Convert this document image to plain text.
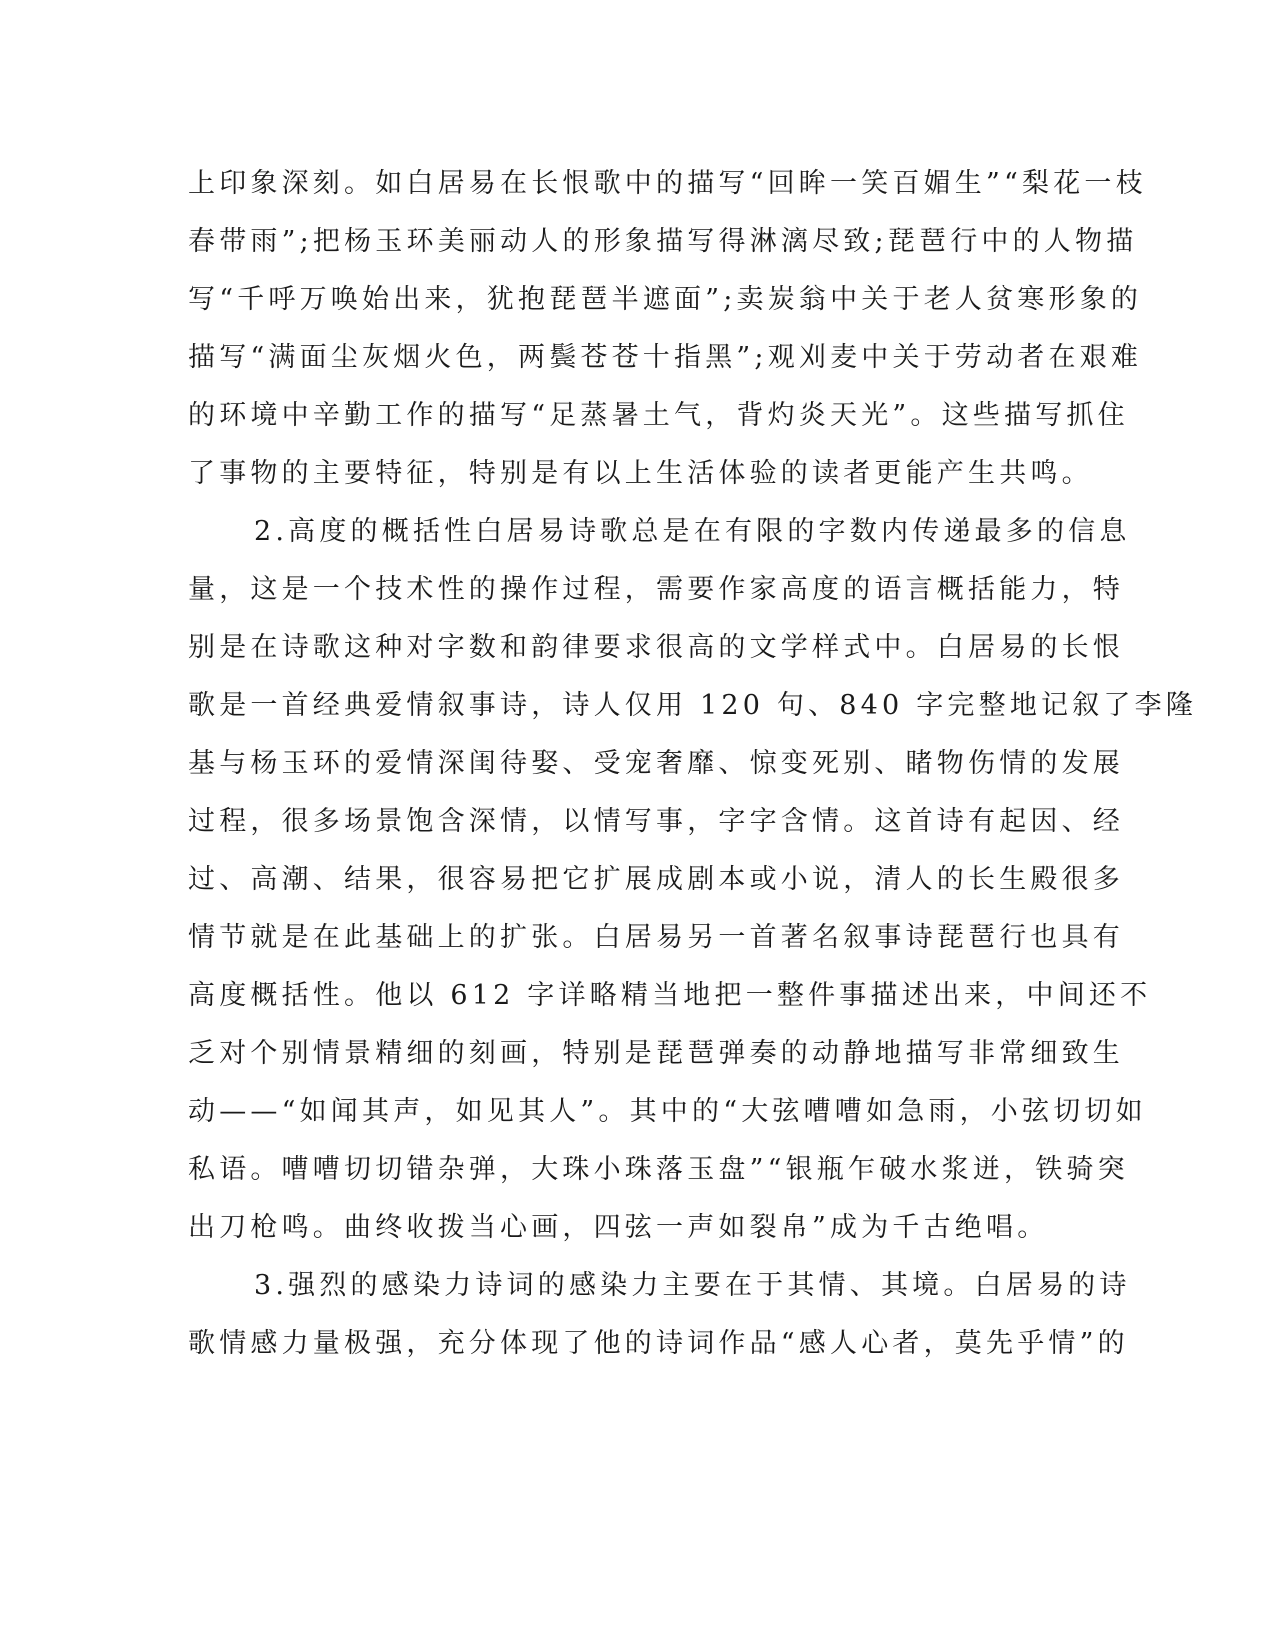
上印象深刻。如白居易在长恨歌中的描写“回眸一笑百媚生”“梨花一枝
春带雨”;把杨玉环美丽动人的形象描写得淋漓尽致;琵琶行中的人物描
写“千呼万唤始出来，犹抱琵琶半遮面”;卖炭翁中关于老人贫寒形象的
描写“满面尘灰烟火色，两鬓苍苍十指黑”;观刈麦中关于劳动者在艰难
的环境中辛勤工作的描写“足蒸暑土气，背灼炎天光”。这些描写抓住
了事物的主要特征，特别是有以上生活体验的读者更能产生共鸣。
2.高度的概括性白居易诗歌总是在有限的字数内传递最多的信息
量，这是一个技术性的操作过程，需要作家高度的语言概括能力，特
别是在诗歌这种对字数和韵律要求很高的文学样式中。白居易的长恨
歌是一首经典爱情叙事诗，诗人仅用 120 句、840 字完整地记叙了李隆
基与杨玉环的爱情深闺待娶、受宠奢靡、惊变死别、睹物伤情的发展
过程，很多场景饱含深情，以情写事，字字含情。这首诗有起因、经
过、高潮、结果，很容易把它扩展成剧本或小说，清人的长生殿很多
情节就是在此基础上的扩张。白居易另一首著名叙事诗琵琶行也具有
高度概括性。他以 612 字详略精当地把一整件事描述出来，中间还不
乏对个别情景精细的刻画，特别是琵琶弹奏的动静地描写非常细致生
动——“如闻其声，如见其人”。其中的“大弦嘈嘈如急雨，小弦切切如
私语。嘈嘈切切错杂弹，大珠小珠落玉盘”“银瓶乍破水浆迸，铁骑突
出刀枪鸣。曲终收拨当心画，四弦一声如裂帛”成为千古绝唱。
3.强烈的感染力诗词的感染力主要在于其情、其境。白居易的诗
歌情感力量极强，充分体现了他的诗词作品“感人心者，莫先乎情”的
